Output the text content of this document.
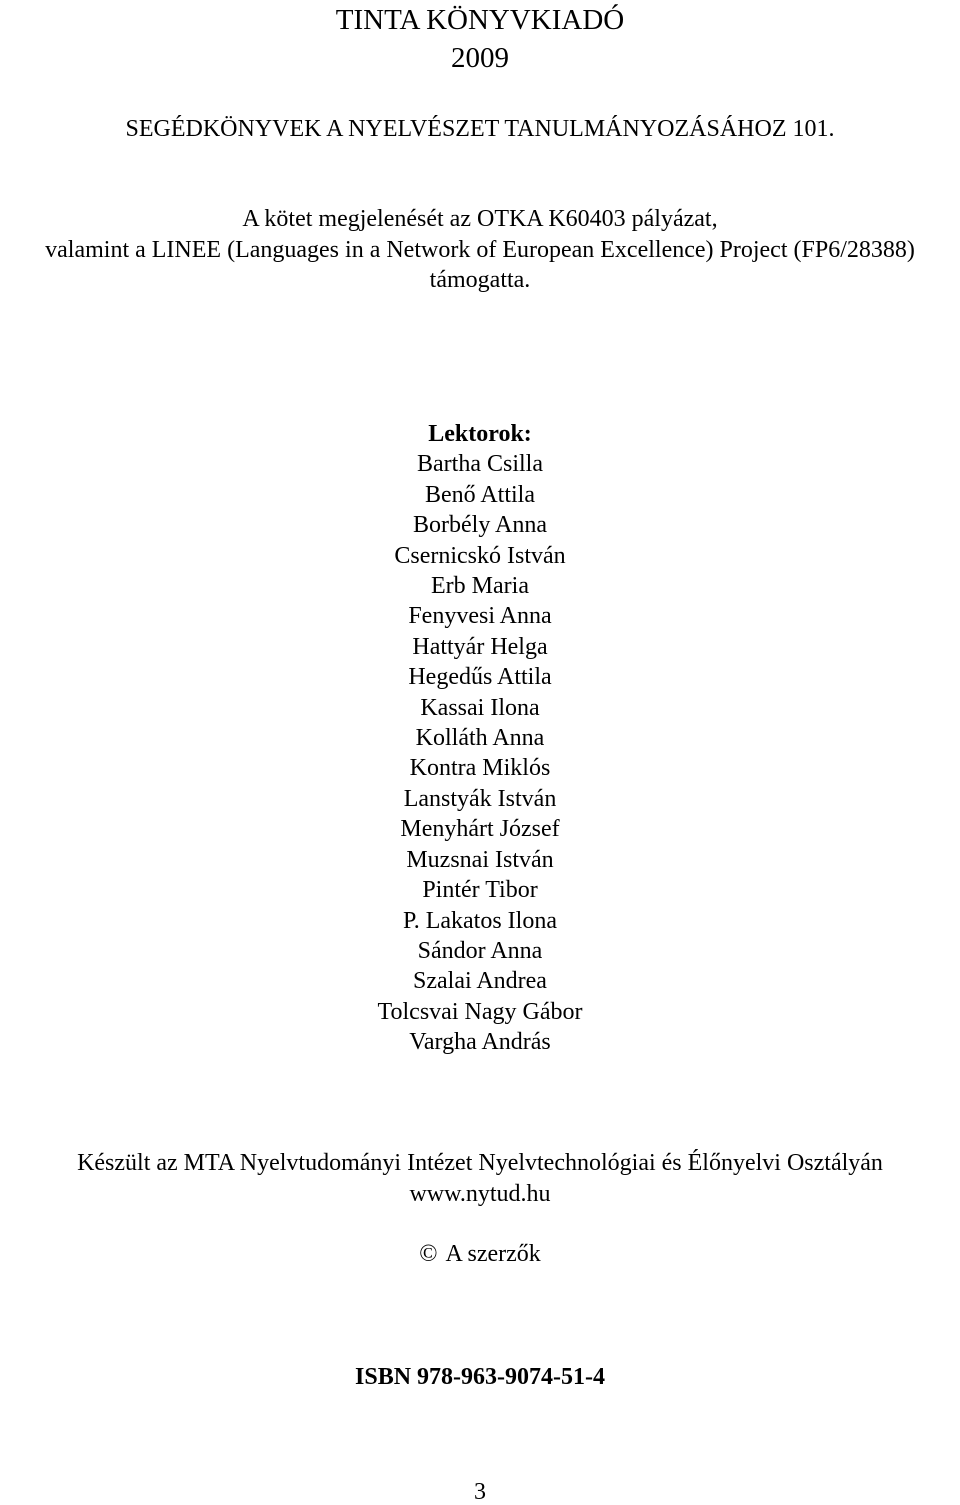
TINTA KÖNYVKIADÓ
2009
SEGÉDKÖNYVEK A NYELVÉSZET TANULMÁNYOZÁSÁHOZ 101.
A kötet megjelenését az OTKA K60403 pályázat,
valamint a LINEE (Languages in a Network of European Excellence) Project (FP6/28388)
támogatta.
Lektorok:
Bartha Csilla
Benő Attila
Borbély Anna
Csernicskó István
Erb Maria
Fenyvesi Anna
Hattyár Helga
Hegedűs Attila
Kassai Ilona
Kolláth Anna
Kontra Miklós
Lanstyák István
Menyhárt József
Muzsnai István
Pintér Tibor
P. Lakatos Ilona
Sándor Anna
Szalai Andrea
Tolcsvai Nagy Gábor
Vargha András
Készült az MTA Nyelvtudományi Intézet Nyelvtechnológiai és Élőnyelvi Osztályán
www.nytud.hu
© A szerzők
ISBN 978-963-9074-51-4
3
